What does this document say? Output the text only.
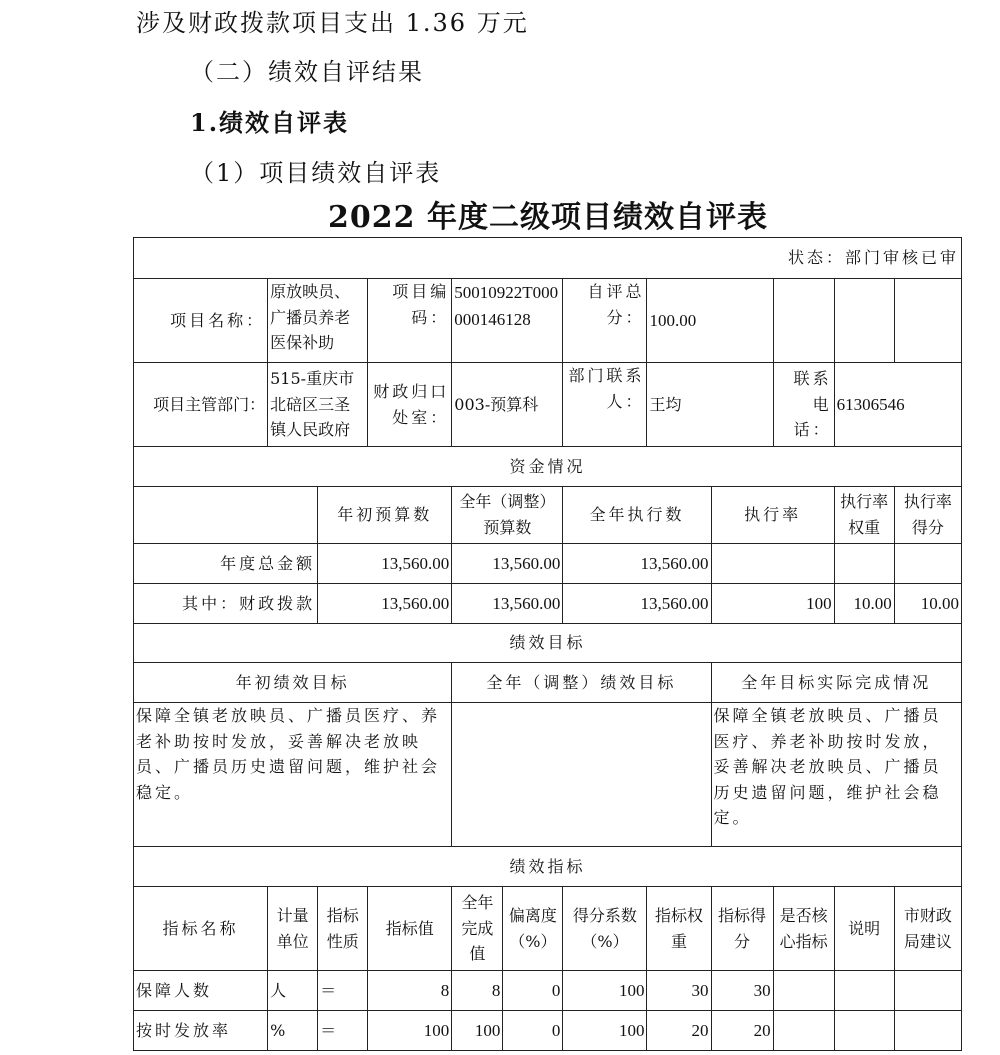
涉及财政拨款项目支出 1.36 万元
（二）绩效自评结果
1.绩效自评表
（1）项目绩效自评表
2022 年度二级项目绩效自评表
状态：部门审核已审											
项目名称：	原放映员、广播员养老医保补助		项目编码：	50010922T000000146128		自评总分：	100.00				
项目主管部门：	515-重庆市北碚区三圣镇人民政府		财政归口处室：	003-预算科		部门联系人：	王均		联系电话：	61306546	
资金情况											
		年初预算数		全年（调整）预算数		全年执行数		执行率		执行率权重	执行率得分
年度总金额		13,560.00		13,560.00		13,560.00					
其中：财政拨款		13,560.00		13,560.00		13,560.00		100		10.00	10.00
绩效目标											
年初绩效目标				全年（调整）绩效目标				全年目标实际完成情况			
保障全镇老放映员、广播员医疗、养老补助按时发放，妥善解决老放映员、广播员历史遗留问题，维护社会稳定。								保障全镇老放映员、广播员医疗、养老补助按时发放，妥善解决老放映员、广播员历史遗留问题，维护社会稳定。			
绩效指标											
指标名称	计量单位	指标性质	指标值	全年完成值	偏离度（%）	得分系数（%）	指标权重	指标得分	是否核心指标	说明	市财政局建议
保障人数	人	＝	8	8	0	100	30	30			
按时发放率	%	＝	100	100	0	100	20	20			
